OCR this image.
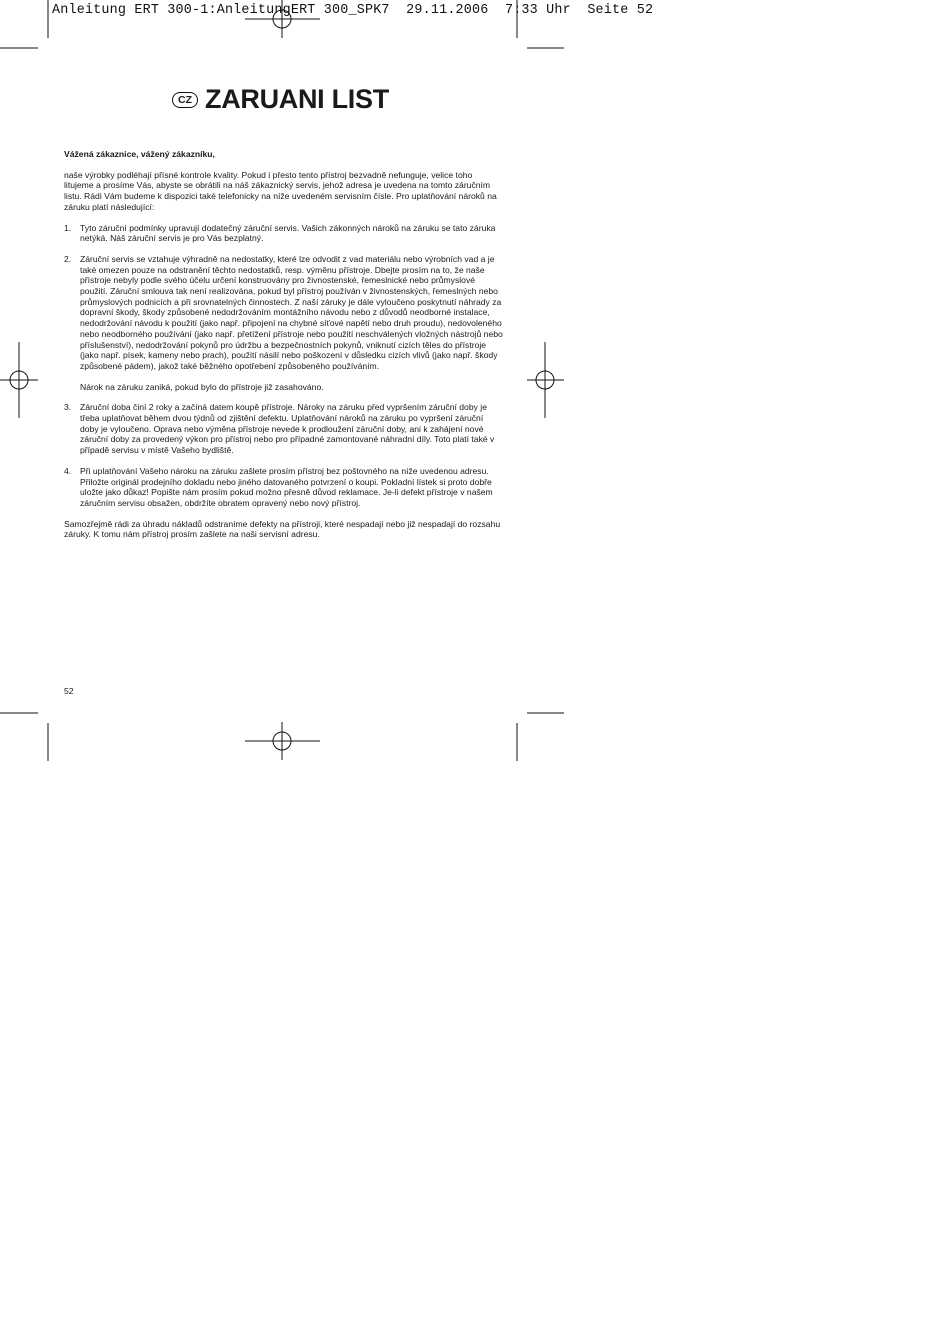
Anleitung ERT 300-1:AnleitungERT 300_SPK7  29.11.2006  7:33 Uhr  Seite 52
CZ ZARUANI LIST

Vážená zákaznice, vážený zákazníku,

naše výrobky podléhají přísné kontrole kvality. Pokud i přesto tento přístroj bezvadně nefunguje, velice toho litujeme a prosíme Vás, abyste se obrátili na náš zákaznický servis, jehož adresa je uvedena na tomto záručním listu. Rádi Vám budeme k dispozici také telefonicky na níže uvedeném servisním čísle. Pro uplatňování nároků na záruku platí následující:

1.	Tyto záruční podmínky upravují dodatečný záruční servis. Vašich zákonných nároků na záruku se tato záruka netýká. Náš záruční servis je pro Vás bezplatný.

2.	Záruční servis se vztahuje výhradně na nedostatky, které lze odvodit z vad materiálu nebo výrobních vad a je také omezen pouze na odstranění těchto nedostatků, resp. výměnu přístroje. Dbejte prosím na to, že naše přístroje nebyly podle svého účelu určení konstruovány pro živnostenské, řemeslnické nebo průmyslové použití. Záruční smlouva tak není realizována, pokud byl přístroj používán v živnostenských, řemeslných nebo průmyslových podnicích a při srovnatelných činnostech. Z naší záruky je dále vyloučeno poskytnutí náhrady za dopravní škody, škody způsobené nedodržováním montážního návodu nebo z důvodů neodborné instalace, nedodržování návodu k použití (jako např. připojení na chybné síťové napětí nebo druh proudu), nedovoleného nebo neodborného používání (jako např. přetížení přístroje nebo použití neschválených vložných nástrojů nebo příslušenství), nedodržování pokynů pro údržbu a bezpečnostních pokynů, vniknutí cizích těles do přístroje (jako např. písek, kameny nebo prach), použití násilí nebo poškození v důsledku cizích vlivů (jako např. škody způsobené pádem), jakož také běžného opotřebení způsobeného používáním.

Nárok na záruku zaniká, pokud bylo do přístroje již zasahováno.

3.	Záruční doba činí 2 roky a začíná datem koupě přístroje. Nároky na záruku před vypršením záruční doby je třeba uplatňovat během dvou týdnů od zjištění defektu. Uplatňování nároků na záruku po vypršení záruční doby je vyloučeno. Oprava nebo výměna přístroje nevede k prodloužení záruční doby, ani k zahájení nové záruční doby za provedený výkon pro přístroj nebo pro případné zamontované náhradní díly. Toto platí také v případě servisu v místě Vašeho bydliště.

4.	Při uplatňování Vašeho nároku na záruku zašlete prosím přístroj bez poštovného na níže uvedenou adresu. Přiložte originál prodejního dokladu nebo jiného datovaného potvrzení o koupi. Pokladní lístek si proto dobře uložte jako důkaz! Popište nám prosím pokud možno přesně důvod reklamace. Je-li defekt přístroje v našem záručním servisu obsažen, obdržíte obratem opravený nebo nový přístroj.

Samozřejmě rádi za úhradu nákladů odstraníme defekty na přístroji, které nespadají nebo již nespadají do rozsahu záruky. K tomu nám přístroj prosím zašlete na naši servisní adresu.

52
